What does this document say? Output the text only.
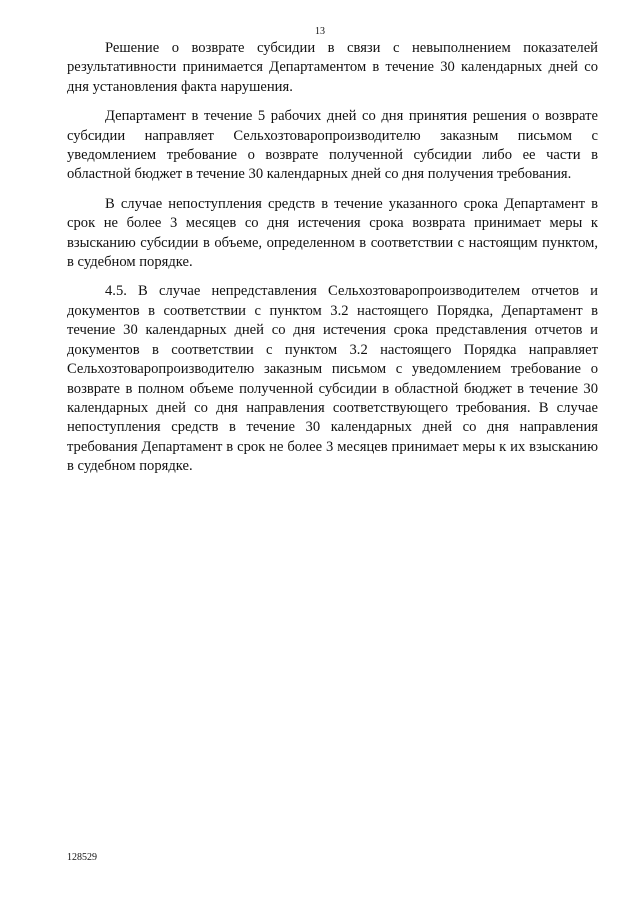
13

Решение о возврате субсидии в связи с невыполнением показателей результативности принимается Департаментом в течение 30 календарных дней со дня установления факта нарушения.

Департамент в течение 5 рабочих дней со дня принятия решения о возврате субсидии направляет Сельхозтоваропроизводителю заказным письмом с уведомлением требование о возврате полученной субсидии либо ее части в областной бюджет в течение 30 календарных дней со дня получения требования.

В случае непоступления средств в течение указанного срока Департамент в срок не более 3 месяцев со дня истечения срока возврата принимает меры к взысканию субсидии в объеме, определенном в соответствии с настоящим пунктом, в судебном порядке.

4.5. В случае непредставления Сельхозтоваропроизводителем отчетов и документов в соответствии с пунктом 3.2 настоящего Порядка, Департамент в течение 30 календарных дней со дня истечения срока представления отчетов и документов в соответствии с пунктом 3.2 настоящего Порядка направляет Сельхозтоваропроизводителю заказным письмом с уведомлением требование о возврате в полном объеме полученной субсидии в областной бюджет в течение 30 календарных дней со дня направления соответствующего требования. В случае непоступления средств в течение 30 календарных дней со дня направления требования Департамент в срок не более 3 месяцев принимает меры к их взысканию в судебном порядке.

128529
